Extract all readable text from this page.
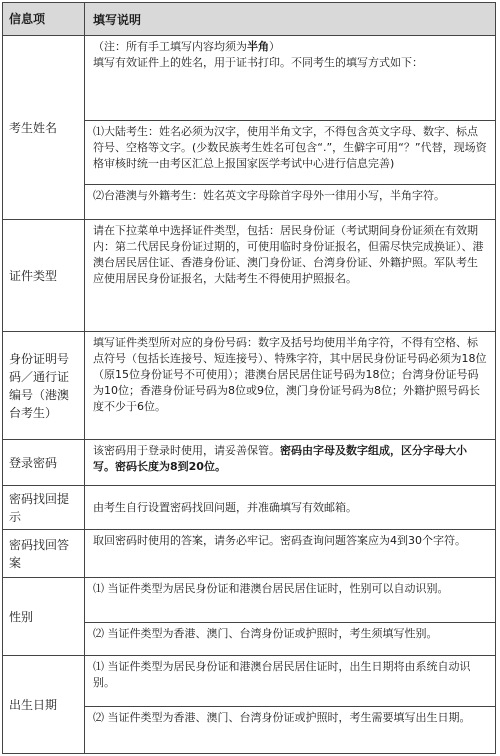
信息项	填写说明
考生姓名

（注：所有手工填写内容均须为半角）

填写有效证件上的姓名，用于证书打印。不同考生的填写方式如下：

⑴大陆考生：姓名必须为汉字，使用半角文字，不得包含英文字母、数字、标点符号、空格等文字。(少数民族考生姓名可包含“.”，生僻字可用“？”代替，现场资格审核时统一由考区汇总上报国家医学考试中心进行信息完善)
⑵台港澳与外籍考生：姓名英文字母除首字母外一律用小写，半角字符。
证件类型
请在下拉菜单中选择证件类型，包括：居民身份证（考试期间身份证须在有效期内：第二代居民身份证过期的，可使用临时身份证报名，但需尽快完成换证）、港澳台居民居住证、香港身份证、澳门身份证、台湾身份证、外籍护照。军队考生应使用居民身份证报名，大陆考生不得使用护照报名。
身份证明号码／通行证编号（港澳台考生）
填写证件类型所对应的身份号码：数字及括号均使用半角字符，不得有空格、标点符号（包括长连接号、短连接号）、特殊字符，其中居民身份证号码必须为18位（原15位身份证号不可使用）；港澳台居民居住证号码为18位；台湾身份证号码为10位；香港身份证号码为8位或9位，澳门身份证号码为8位；外籍护照号码长度不少于6位。
登录密码
该密码用于登录时使用，请妥善保管。密码由字母及数字组成，区分字母大小写。密码长度为8到20位。
密码找回提示
由考生自行设置密码找回问题，并准确填写有效邮箱。
密码找回答案
取回密码时使用的答案，请务必牢记。密码查询问题答案应为4到30个字符。
性别
⑴ 当证件类型为居民身份证和港澳台居民居住证时，性别可以自动识别。
⑵ 当证件类型为香港、澳门、台湾身份证或护照时，考生须填写性别。
出生日期
⑴ 当证件类型为居民身份证和港澳台居民居住证时，出生日期将由系统自动识别。
⑵ 当证件类型为香港、澳门、台湾身份证或护照时，考生需要填写出生日期。
